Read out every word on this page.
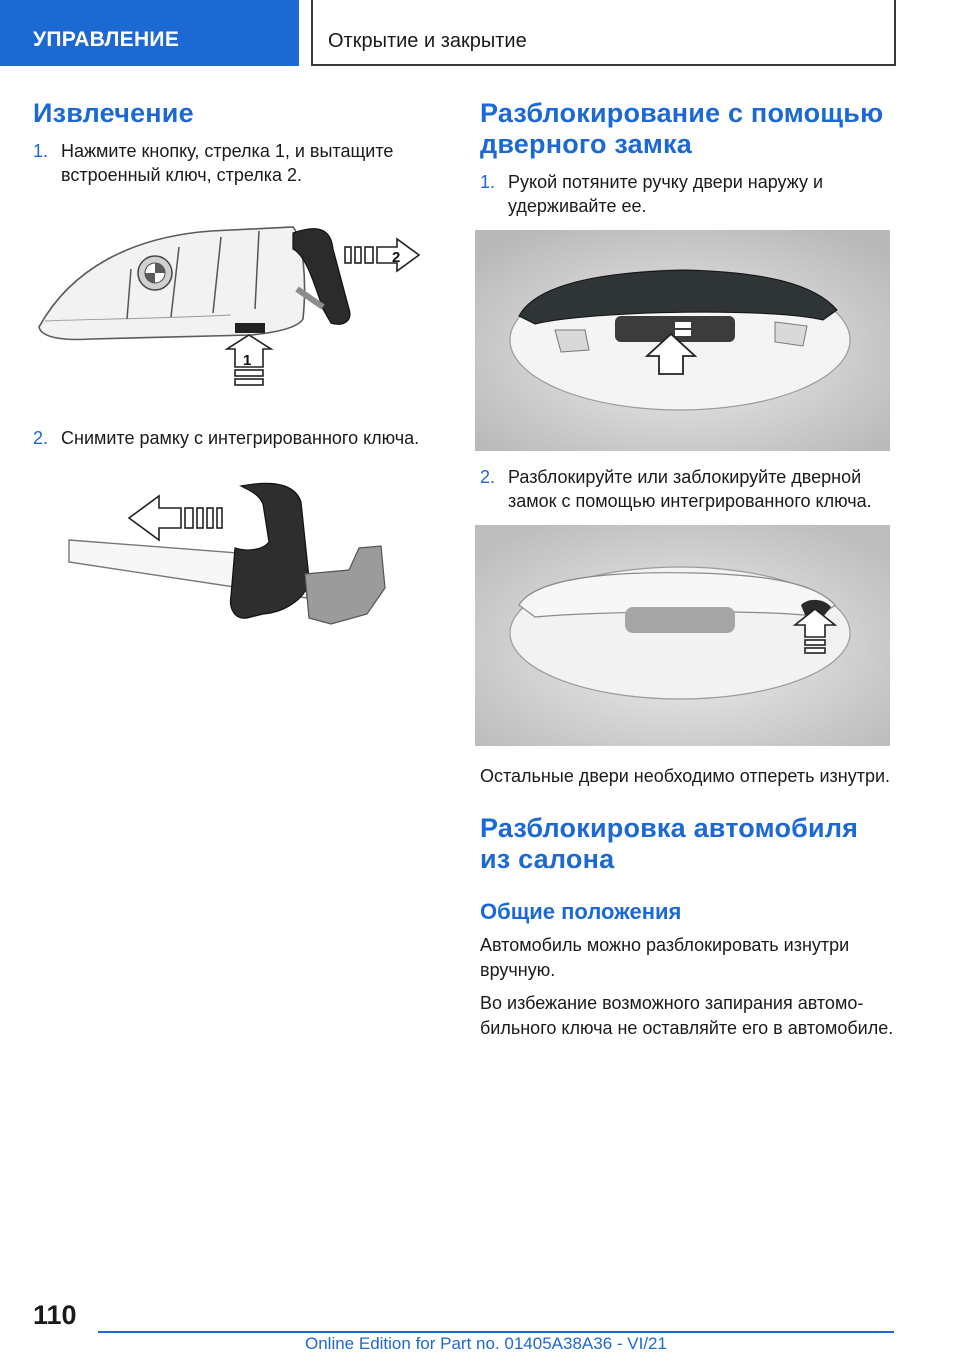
УПРАВЛЕНИЕ	Открытие и закрытие
Извлечение
1. Нажмите кнопку, стрелка 1, и вытащите встроенный ключ, стрелка 2.
2
1
2. Снимите рамку с интегрированного ключа.
Разблокирование с помощью дверного замка
1. Рукой потяните ручку двери наружу и удерживайте ее.
2. Разблокируйте или заблокируйте дверной замок с помощью интегрированного ключа.

Остальные двери необходимо отпереть изнутри.

Разблокировка автомобиля из салона
Общие положения

Автомобиль можно разблокировать изнутри вручную.

Во избежание возможного запирания автомобильного ключа не оставляйте его в автомобиле.

110
Online Edition for Part no. 01405A38A36 - VI/21
